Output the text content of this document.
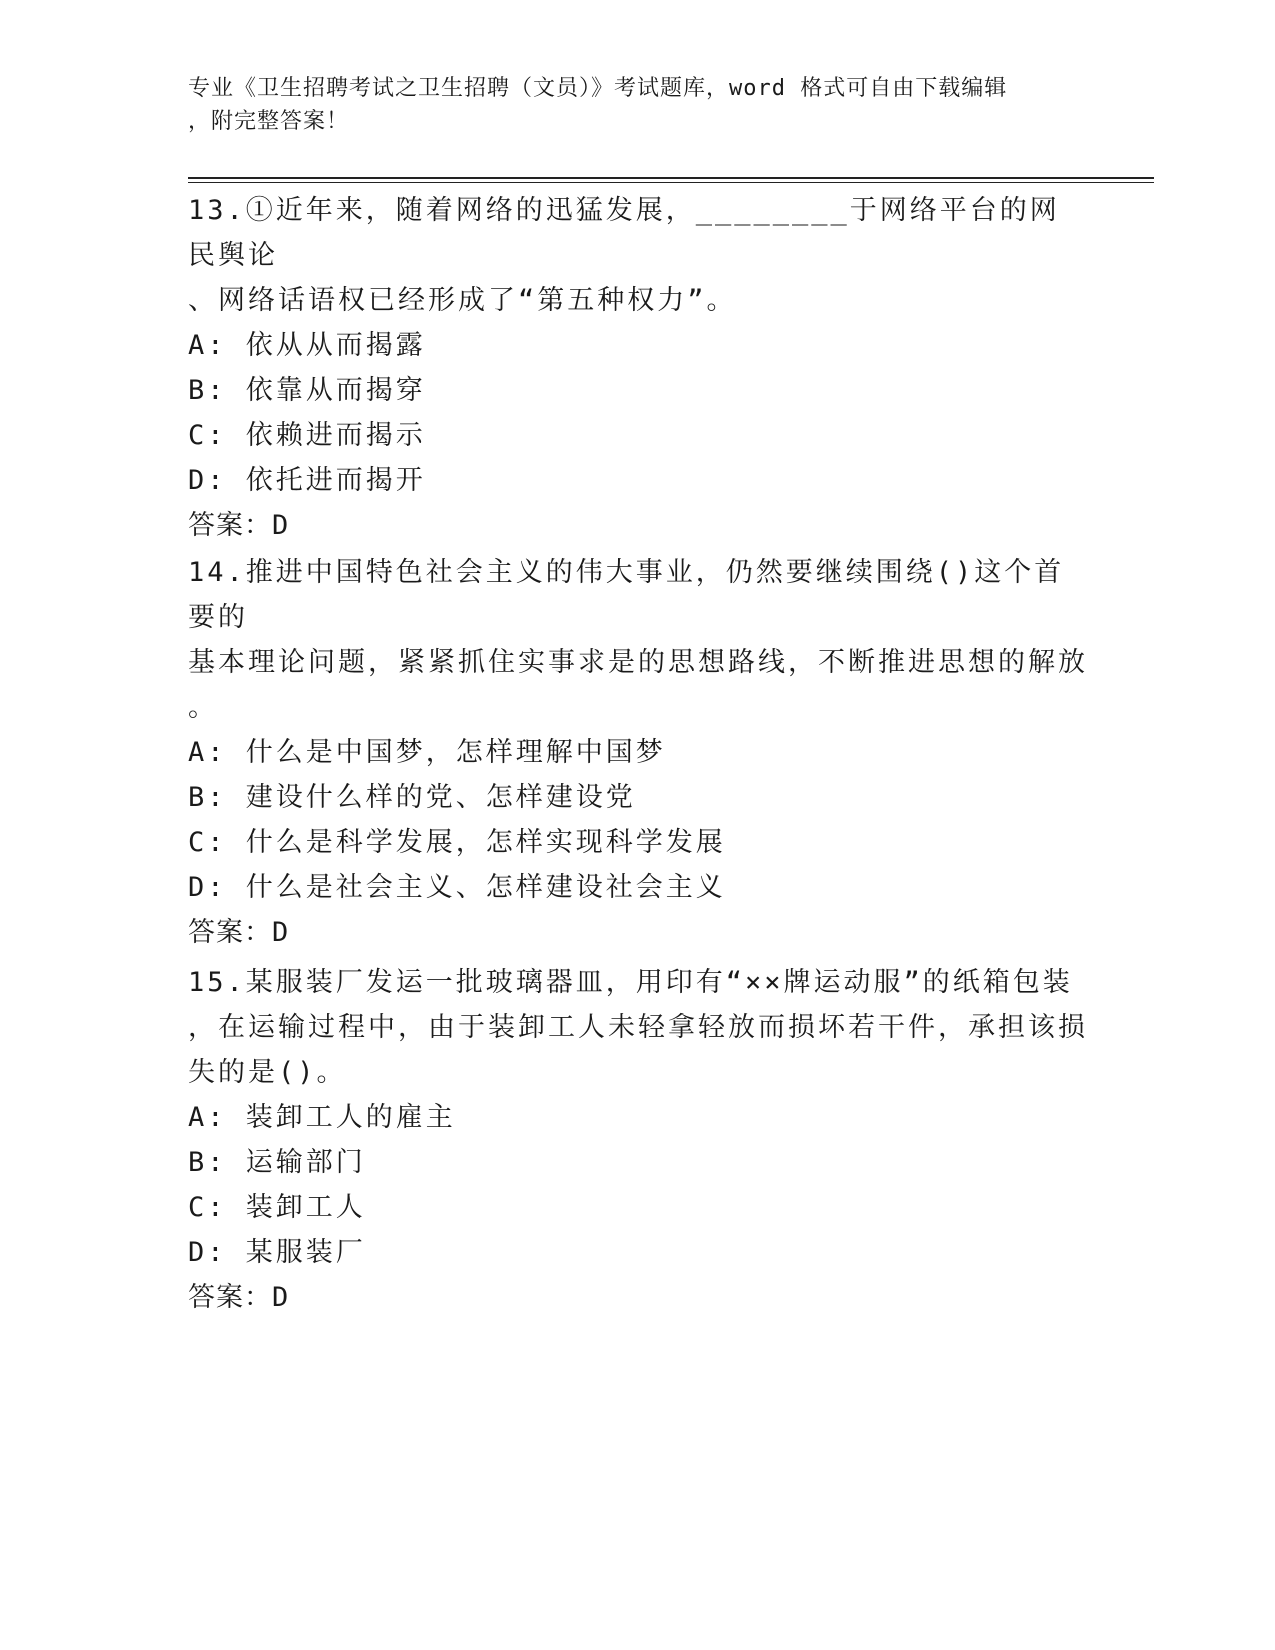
专业《卫生招聘考试之卫生招聘（文员）》考试题库，word 格式可自由下载编辑
，附完整答案！
13.①近年来，随着网络的迅猛发展，________于网络平台的网民舆论
、网络话语权已经形成了“第五种权力”。
A: 依从从而揭露
B: 依靠从而揭穿
C: 依赖进而揭示
D: 依托进而揭开
答案：D
14.推进中国特色社会主义的伟大事业，仍然要继续围绕()这个首要的
基本理论问题，紧紧抓住实事求是的思想路线，不断推进思想的解放
。
A: 什么是中国梦，怎样理解中国梦
B: 建设什么样的党、怎样建设党
C: 什么是科学发展，怎样实现科学发展
D: 什么是社会主义、怎样建设社会主义
答案：D
15.某服装厂发运一批玻璃器皿，用印有“××牌运动服”的纸箱包装
，在运输过程中，由于装卸工人未轻拿轻放而损坏若干件，承担该损
失的是()。
A: 装卸工人的雇主
B: 运输部门
C: 装卸工人
D: 某服装厂
答案：D
